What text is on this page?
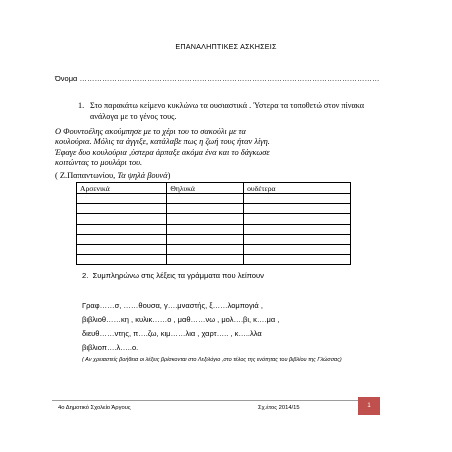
ΕΠΑΝΑΛΗΠΤΙΚΕΣ ΑΣΚΗΣΕΙΣ
Όνομα …………………………………………………………………………………………………………
1. Στο παρακάτω κείμενο κυκλώνω τα ουσιαστικά . Ύστερα τα τοποθετώ στον πίνακα ανάλογα με το γένος τους.

Ο Φουντοέλης ακούμπησε με το χέρι του το σακούλι με τα

κουλούρια. Μόλις τα άγγιξε, κατάλαβε πως η ζωή τους ήταν λίγη.

Έφαγε δυο κουλούρια ,ύστερα άρπαξε ακόμα ένα και το δάγκωσε

κοιτώντας το μουλάρι του.

( Ζ.Παπαντωνίου, Τα ψηλά βουνά)
Αρσενικά	Θηλυκά	ουδέτερα

2. Συμπληρώνω στις λέξεις τα γράμματα που λείπουν
Γραφ……σ, ……θουσα, γ….μναστής, ξ……λομπογιά ,
βιβλιοθ……κη , κυλικ……ο , μαθ……νω , μολ….βι, κ….μα ,
διευθ……ντης, π….ζω, κιμ……λια , χαρτ….. , κ…..λλα
βιβλιοπ….λ…..ο.
( Αν χρειαστείς βοήθεια οι λέξεις βρίσκονται στο Λεξιλόγιο ,στο τέλος της ενότητας του βιβλίου της Γλώσσας)
4ο Δημοτικό Σχολείο Άργους	Σχ.έτος 2014/15	1
